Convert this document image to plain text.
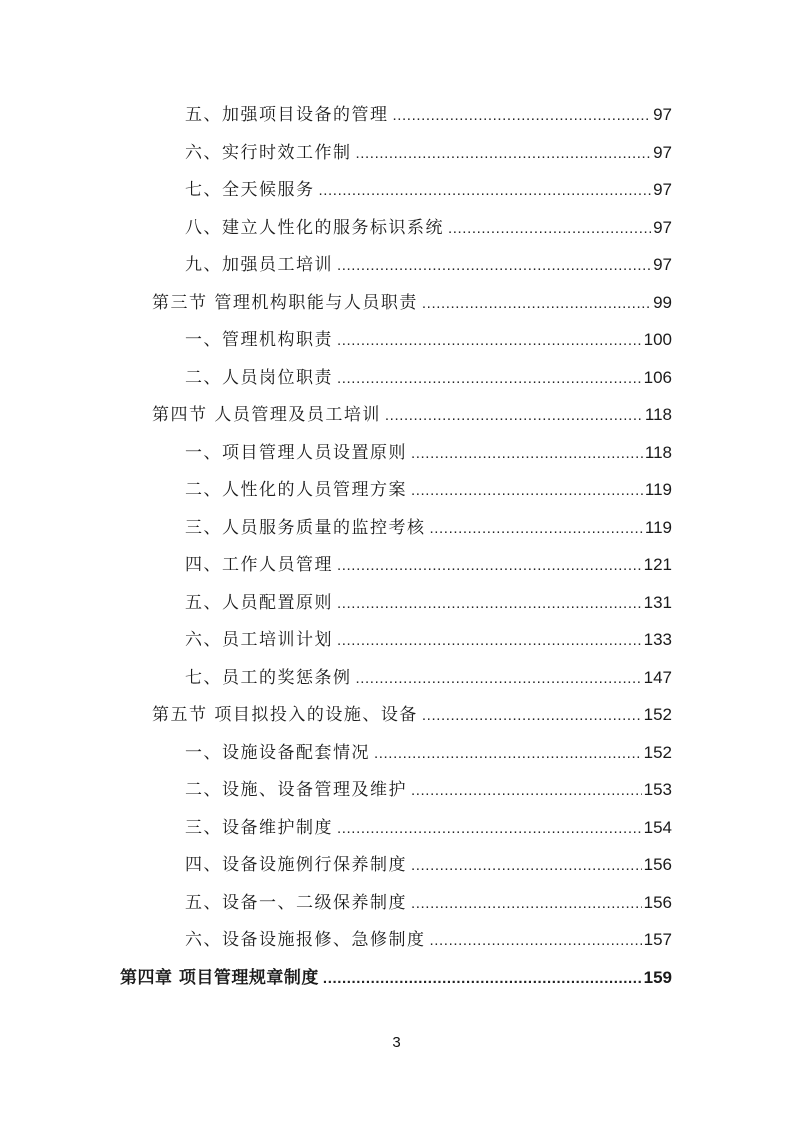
五、加强项目设备的管理 .....	97
六、实行时效工作制 .....	97
七、全天候服务 .....	97
八、建立人性化的服务标识系统 .....	97
九、加强员工培训 .....	97
第三节 管理机构职能与人员职责 .....	99
一、管理机构职责 .....	100
二、人员岗位职责 .....	106
第四节 人员管理及员工培训 .....	118
一、项目管理人员设置原则 .....	118
二、人性化的人员管理方案 .....	119
三、人员服务质量的监控考核 .....	119
四、工作人员管理 .....	121
五、人员配置原则 .....	131
六、员工培训计划 .....	133
七、员工的奖惩条例 .....	147
第五节 项目拟投入的设施、设备 .....	152
一、设施设备配套情况 .....	152
二、设施、设备管理及维护 .....	153
三、设备维护制度 .....	154
四、设备设施例行保养制度 .....	156
五、设备一、二级保养制度 .....	156
六、设备设施报修、急修制度 .....	157
第四章 项目管理规章制度 .....	159
3
